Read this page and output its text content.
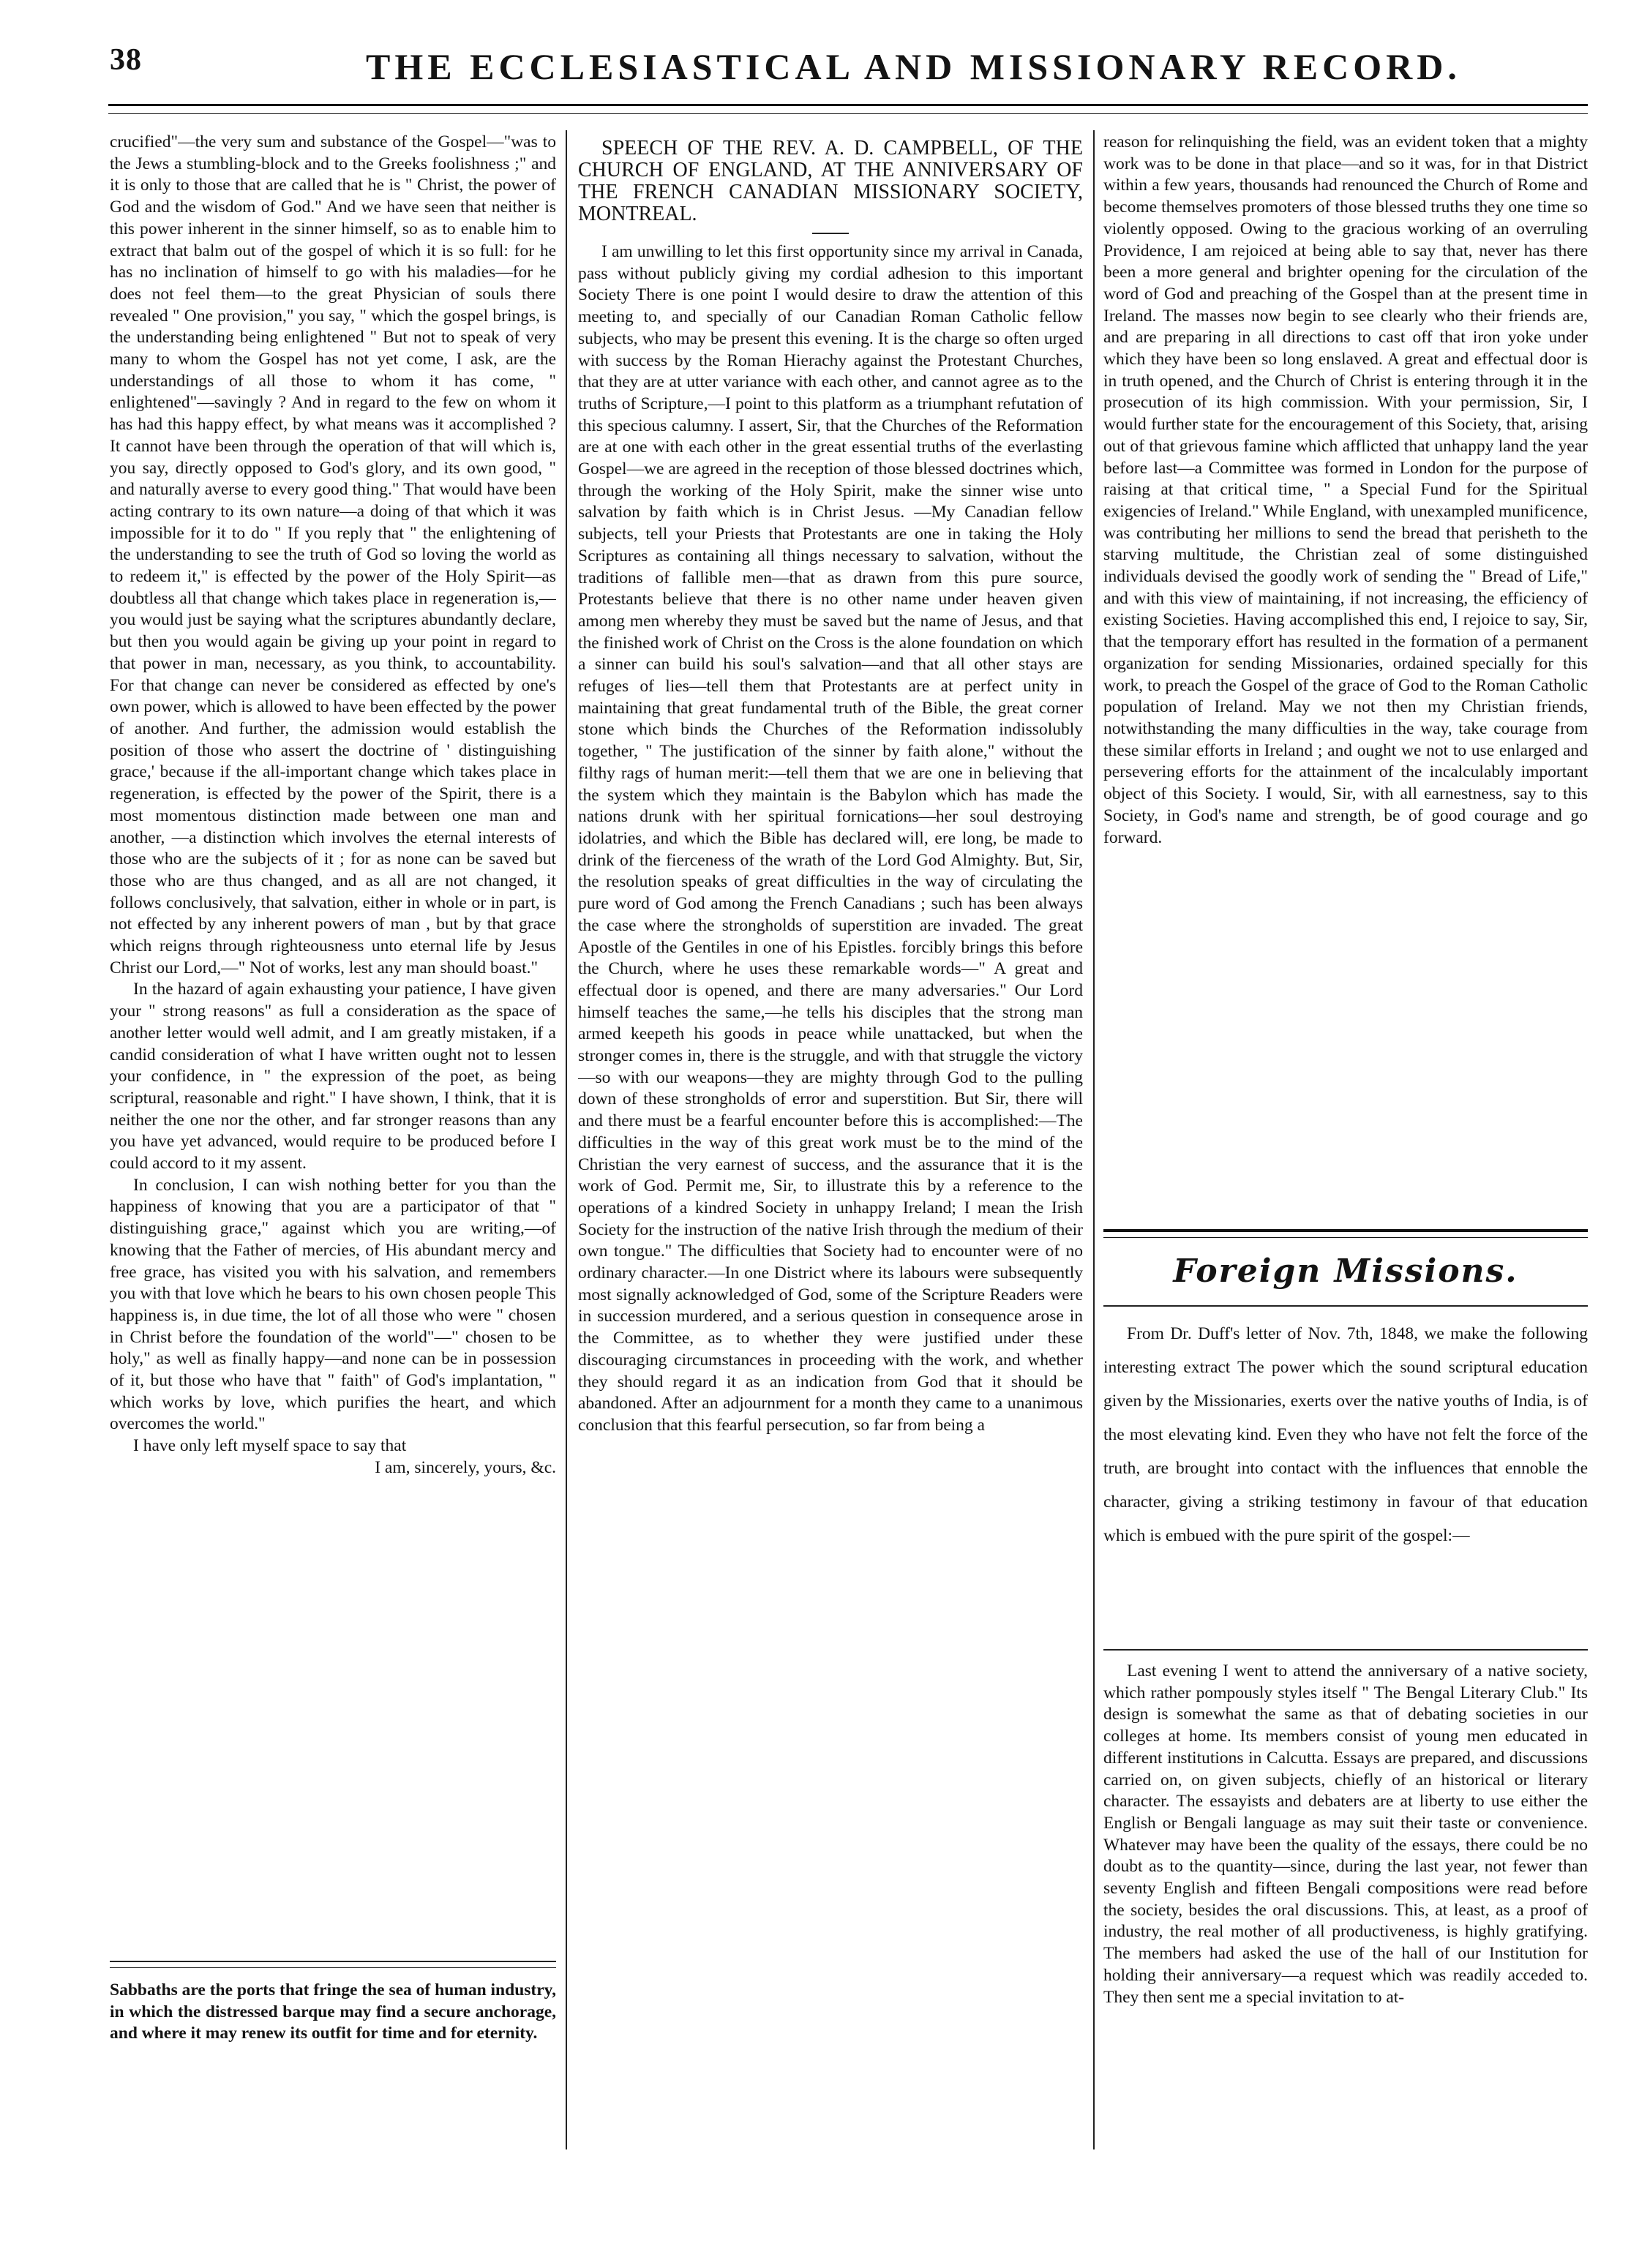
38	THE ECCLESIASTICAL AND MISSIONARY RECORD.

crucified"—the very sum and substance of the Gospel—"was to the Jews a stumbling-block and to the Greeks foolishness ;" and it is only to those that are called that he is " Christ, the power of God and the wisdom of God." And we have seen that neither is this power inherent in the sinner himself, so as to enable him to extract that balm out of the gospel of which it is so full: for he has no inclination of himself to go with his maladies—for he does not feel them—to the great Physician of souls there revealed " One provision," you say, " which the gospel brings, is the understanding being enlightened " But not to speak of very many to whom the Gospel has not yet come, I ask, are the understandings of all those to whom it has come, " enlightened"—savingly ? And in regard to the few on whom it has had this happy effect, by what means was it accomplished ? It cannot have been through the operation of that will which is, you say, directly opposed to God's glory, and its own good, " and naturally averse to every good thing." That would have been acting contrary to its own nature—a doing of that which it was impossible for it to do " If you reply that " the enlightening of the understanding to see the truth of God so loving the world as to redeem it," is effected by the power of the Holy Spirit—as doubtless all that change which takes place in regeneration is,—you would just be saying what the scriptures abundantly declare, but then you would again be giving up your point in regard to that power in man, necessary, as you think, to accountability. For that change can never be considered as effected by one's own power, which is allowed to have been effected by the power of another. And further, the admission would establish the position of those who assert the doctrine of ' distinguishing grace,' because if the all-important change which takes place in regeneration, is effected by the power of the Spirit, there is a most momentous distinction made between one man and another, —a distinction which involves the eternal interests of those who are the subjects of it ; for as none can be saved but those who are thus changed, and as all are not changed, it follows conclusively, that salvation, either in whole or in part, is not effected by any inherent powers of man , but by that grace which reigns through righteousness unto eternal life by Jesus Christ our Lord,—" Not of works, lest any man should boast."

In the hazard of again exhausting your patience, I have given your " strong reasons" as full a consideration as the space of another letter would well admit, and I am greatly mistaken, if a candid consideration of what I have written ought not to lessen your confidence, in " the expression of the poet, as being scriptural, reasonable and right." I have shown, I think, that it is neither the one nor the other, and far stronger reasons than any you have yet advanced, would require to be produced before I could accord to it my assent.

In conclusion, I can wish nothing better for you than the happiness of knowing that you are a participator of that " distinguishing grace," against which you are writing,—of knowing that the Father of mercies, of His abundant mercy and free grace, has visited you with his salvation, and remembers you with that love which he bears to his own chosen people This happiness is, in due time, the lot of all those who were " chosen in Christ before the foundation of the world"—" chosen to be holy," as well as finally happy—and none can be in possession of it, but those who have that " faith" of God's implantation, " which works by love, which purifies the heart, and which overcomes the world."

I have only left myself space to say that

I am, sincerely, yours, &c.

Sabbaths are the ports that fringe the sea of human industry, in which the distressed barque may find a secure anchorage, and where it may renew its outfit for time and for eternity.
SPEECH OF THE REV. A. D. CAMPBELL, OF THE CHURCH OF ENGLAND, AT THE ANNIVERSARY OF THE FRENCH CANADIAN MISSIONARY SOCIETY, MONTREAL.

I am unwilling to let this first opportunity since my arrival in Canada, pass without publicly giving my cordial adhesion to this important Society There is one point I would desire to draw the attention of this meeting to, and specially of our Canadian Roman Catholic fellow subjects, who may be present this evening. It is the charge so often urged with success by the Roman Hierachy against the Protestant Churches, that they are at utter variance with each other, and cannot agree as to the truths of Scripture,—I point to this platform as a triumphant refutation of this specious calumny. I assert, Sir, that the Churches of the Reformation are at one with each other in the great essential truths of the everlasting Gospel—we are agreed in the reception of those blessed doctrines which, through the working of the Holy Spirit, make the sinner wise unto salvation by faith which is in Christ Jesus. —My Canadian fellow subjects, tell your Priests that Protestants are one in taking the Holy Scriptures as containing all things necessary to salvation, without the traditions of fallible men—that as drawn from this pure source, Protestants believe that there is no other name under heaven given among men whereby they must be saved but the name of Jesus, and that the finished work of Christ on the Cross is the alone foundation on which a sinner can build his soul's salvation—and that all other stays are refuges of lies—tell them that Protestants are at perfect unity in maintaining that great fundamental truth of the Bible, the great corner stone which binds the Churches of the Reformation indissolubly together, " The justification of the sinner by faith alone," without the filthy rags of human merit:—tell them that we are one in believing that the system which they maintain is the Babylon which has made the nations drunk with her spiritual fornications—her soul destroying idolatries, and which the Bible has declared will, ere long, be made to drink of the fierceness of the wrath of the Lord God Almighty. But, Sir, the resolution speaks of great difficulties in the way of circulating the pure word of God among the French Canadians ; such has been always the case where the strongholds of superstition are invaded. The great Apostle of the Gentiles in one of his Epistles. forcibly brings this before the Church, where he uses these remarkable words—" A great and effectual door is opened, and there are many adversaries." Our Lord himself teaches the same,—he tells his disciples that the strong man armed keepeth his goods in peace while unattacked, but when the stronger comes in, there is the struggle, and with that struggle the victory—so with our weapons—they are mighty through God to the pulling down of these strongholds of error and superstition. But Sir, there will and there must be a fearful encounter before this is accomplished:—The difficulties in the way of this great work must be to the mind of the Christian the very earnest of success, and the assurance that it is the work of God. Permit me, Sir, to illustrate this by a reference to the operations of a kindred Society in unhappy Ireland; I mean the Irish Society for the instruction of the native Irish through the medium of their own tongue." The difficulties that Society had to encounter were of no ordinary character.—In one District where its labours were subsequently most signally acknowledged of God, some of the Scripture Readers were in succession murdered, and a serious question in consequence arose in the Committee, as to whether they were justified under these discouraging circumstances in proceeding with the work, and whether they should regard it as an indication from God that it should be abandoned. After an adjournment for a month they came to a unanimous conclusion that this fearful persecution, so far from being a

reason for relinquishing the field, was an evident token that a mighty work was to be done in that place—and so it was, for in that District within a few years, thousands had renounced the Church of Rome and become themselves promoters of those blessed truths they one time so violently opposed. Owing to the gracious working of an overruling Providence, I am rejoiced at being able to say that, never has there been a more general and brighter opening for the circulation of the word of God and preaching of the Gospel than at the present time in Ireland. The masses now begin to see clearly who their friends are, and are preparing in all directions to cast off that iron yoke under which they have been so long enslaved. A great and effectual door is in truth opened, and the Church of Christ is entering through it in the prosecution of its high commission. With your permission, Sir, I would further state for the encouragement of this Society, that, arising out of that grievous famine which afflicted that unhappy land the year before last—a Committee was formed in London for the purpose of raising at that critical time, " a Special Fund for the Spiritual exigencies of Ireland." While England, with unexampled munificence, was contributing her millions to send the bread that perisheth to the starving multitude, the Christian zeal of some distinguished individuals devised the goodly work of sending the " Bread of Life," and with this view of maintaining, if not increasing, the efficiency of existing Societies. Having accomplished this end, I rejoice to say, Sir, that the temporary effort has resulted in the formation of a permanent organization for sending Missionaries, ordained specially for this work, to preach the Gospel of the grace of God to the Roman Catholic population of Ireland. May we not then my Christian friends, notwithstanding the many difficulties in the way, take courage from these similar efforts in Ireland ; and ought we not to use enlarged and persevering efforts for the attainment of the incalculably important object of this Society. I would, Sir, with all earnestness, say to this Society, in God's name and strength, be of good courage and go forward.

Foreign Missions.

From Dr. Duff's letter of Nov. 7th, 1848, we make the following interesting extract The power which the sound scriptural education given by the Missionaries, exerts over the native youths of India, is of the most elevating kind. Even they who have not felt the force of the truth, are brought into contact with the influences that ennoble the character, giving a striking testimony in favour of that education which is embued with the pure spirit of the gospel:—

Last evening I went to attend the anniversary of a native society, which rather pompously styles itself " The Bengal Literary Club." Its design is somewhat the same as that of debating societies in our colleges at home. Its members consist of young men educated in different institutions in Calcutta. Essays are prepared, and discussions carried on, on given subjects, chiefly of an historical or literary character. The essayists and debaters are at liberty to use either the English or Bengali language as may suit their taste or convenience. Whatever may have been the quality of the essays, there could be no doubt as to the quantity—since, during the last year, not fewer than seventy English and fifteen Bengali compositions were read before the society, besides the oral discussions. This, at least, as a proof of industry, the real mother of all productiveness, is highly gratifying. The members had asked the use of the hall of our Institution for holding their anniversary—a request which was readily acceded to. They then sent me a special invitation to at-
